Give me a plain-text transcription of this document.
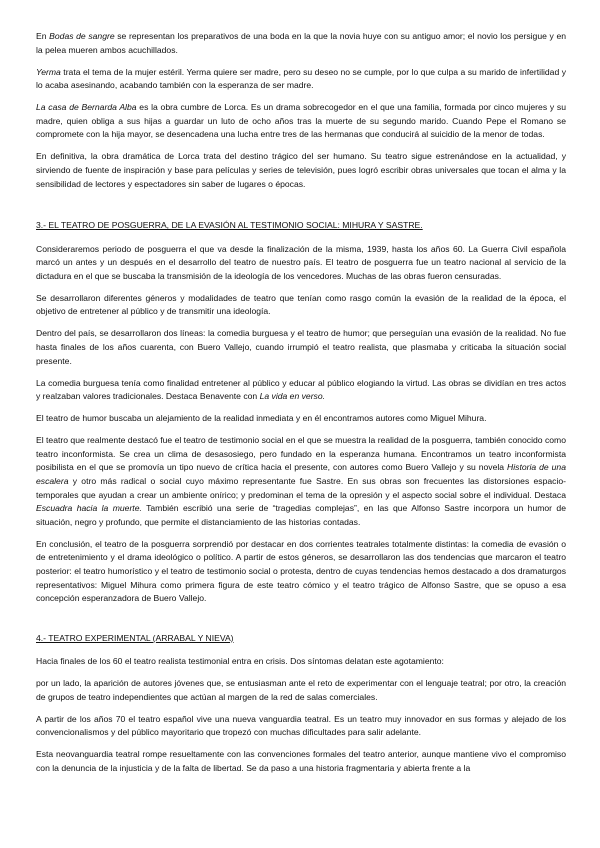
En Bodas de sangre se representan los preparativos de una boda en la que la novia huye con su antiguo amor; el novio los persigue y en la pelea mueren ambos acuchillados.

Yerma trata el tema de la mujer estéril. Yerma quiere ser madre, pero su deseo no se cumple, por lo que culpa a su marido de infertilidad y lo acaba asesinando, acabando también con la esperanza de ser madre.

La casa de Bernarda Alba es la obra cumbre de Lorca. Es un drama sobrecogedor en el que una familia, formada por cinco mujeres y su madre, quien obliga a sus hijas a guardar un luto de ocho años tras la muerte de su segundo marido. Cuando Pepe el Romano se compromete con la hija mayor, se desencadena una lucha entre tres de las hermanas que conducirá al suicidio de la menor de todas.

En definitiva, la obra dramática de Lorca trata del destino trágico del ser humano. Su teatro sigue estrenándose en la actualidad, y sirviendo de fuente de inspiración y base para películas y series de televisión, pues logró escribir obras universales que tocan el alma y la sensibilidad de lectores y espectadores sin saber de lugares o épocas.

3.- EL TEATRO DE POSGUERRA, DE LA EVASIÓN AL TESTIMONIO SOCIAL: MIHURA Y SASTRE.

Consideraremos periodo de posguerra el que va desde la finalización de la misma, 1939, hasta los años 60. La Guerra Civil española marcó un antes y un después en el desarrollo del teatro de nuestro país. El teatro de posguerra fue un teatro nacional al servicio de la dictadura en el que se buscaba la transmisión de la ideología de los vencedores. Muchas de las obras fueron censuradas.

Se desarrollaron diferentes géneros y modalidades de teatro que tenían como rasgo común la evasión de la realidad de la época, el objetivo de entretener al público y de transmitir una ideología.

Dentro del país, se desarrollaron dos líneas: la comedia burguesa y el teatro de humor; que perseguían una evasión de la realidad. No fue hasta finales de los años cuarenta, con Buero Vallejo, cuando irrumpió el teatro realista, que plasmaba y criticaba la situación social presente.

La comedia burguesa tenía como finalidad entretener al público y educar al público elogiando la virtud. Las obras se dividían en tres actos y realzaban valores tradicionales. Destaca Benavente con La vida en verso.

El teatro de humor buscaba un alejamiento de la realidad inmediata y en él encontramos autores como Miguel Mihura.

El teatro que realmente destacó fue el teatro de testimonio social en el que se muestra la realidad de la posguerra, también conocido como teatro inconformista. Se crea un clima de desasosiego, pero fundado en la esperanza humana. Encontramos un teatro inconformista posibilista en el que se promovía un tipo nuevo de crítica hacia el presente, con autores como Buero Vallejo y su novela Historia de una escalera y otro más radical o social cuyo máximo representante fue Sastre. En sus obras son frecuentes las distorsiones espacio-temporales que ayudan a crear un ambiente onírico; y predominan el tema de la opresión y el aspecto social sobre el individual. Destaca Escuadra hacia la muerte. También escribió una serie de “tragedias complejas”, en las que Alfonso Sastre incorpora un humor de situación, negro y profundo, que permite el distanciamiento de las historias contadas.

En conclusión, el teatro de la posguerra sorprendió por destacar en dos corrientes teatrales totalmente distintas: la comedia de evasión o de entretenimiento y el drama ideológico o político. A partir de estos géneros, se desarrollaron las dos tendencias que marcaron el teatro posterior: el teatro humorístico y el teatro de testimonio social o protesta, dentro de cuyas tendencias hemos destacado a dos dramaturgos representativos: Miguel Mihura como primera figura de este teatro cómico y el teatro trágico de Alfonso Sastre, que se opuso a esa concepción esperanzadora de Buero Vallejo.

4.- TEATRO EXPERIMENTAL (ARRABAL Y NIEVA)

Hacia finales de los 60 el teatro realista testimonial entra en crisis. Dos síntomas delatan este agotamiento:

por un lado, la aparición de autores jóvenes que, se entusiasman ante el reto de experimentar con el lenguaje teatral; por otro, la creación de grupos de teatro independientes que actúan al margen de la red de salas comerciales.

A partir de los años 70 el teatro español vive una nueva vanguardia teatral. Es un teatro muy innovador en sus formas y alejado de los convencionalismos y del público mayoritario que tropezó con muchas dificultades para salir adelante.

Esta neovanguardia teatral rompe resueltamente con las convenciones formales del teatro anterior, aunque mantiene vivo el compromiso con la denuncia de la injusticia y de la falta de libertad. Se da paso a una historia fragmentaria y abierta frente a la
